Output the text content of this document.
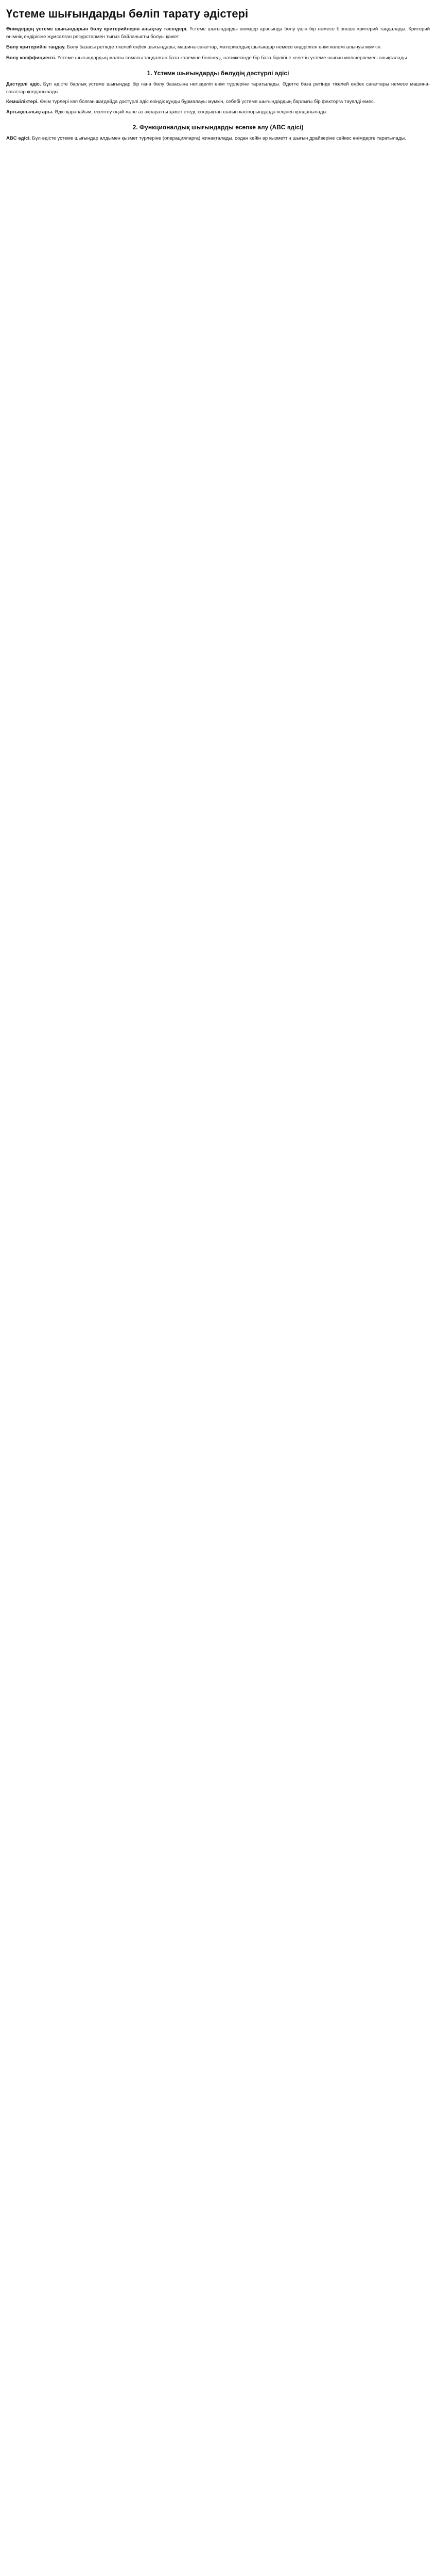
Үстеме шығындарды бөліп тарату әдістері

Өнімдердің үстеме шығындарын бөлу критерийлерін анықтау тәсілдері. Үстеме шығындарды өнімдер арасында бөлу үшін бір немесе бірнеше критерий таңдалады. Критерий өнімнің өндірісіне жұмсалған ресурстармен тығыз байланысты болуы қажет.

Бөлу критерийін таңдау. Бөлу базасы ретінде тікелей еңбек шығындары, машина-сағаттар, материалдық шығындар немесе өндірілген өнім көлемі алынуы мүмкін.

Бөлу коэффициенті. Үстеме шығындардың жалпы сомасы таңдалған база көлеміне бөлінеді, нәтижесінде бір база бірлігіне келетін үстеме шығын мөлшерлемесі анықталады.

1. Үстеме шығындарды бөлудің дәстүрлі әдісі

Дәстүрлі әдіс. Бұл әдісте барлық үстеме шығындар бір ғана бөлу базасына негізделіп өнім түрлеріне таратылады. Әдетте база ретінде тікелей еңбек сағаттары немесе машина-сағаттар қолданылады.

Кемшіліктері. Өнім түрлері көп болған жағдайда дәстүрлі әдіс өзіндік құнды бұрмалауы мүмкін, себебі үстеме шығындардың барлығы бір факторға тәуелді емес.

Артықшылықтары. Әдіс қарапайым, есептеу оңай және аз ақпаратты қажет етеді, сондықтан шағын кәсіпорындарда кеңінен қолданылады.

2. Функционалдық шығындарды есепке алу (ABC әдісі)

ABC әдісі. Бұл әдісте үстеме шығындар алдымен қызмет түрлеріне (операцияларға) жинақталады, содан кейін әр қызметтің шығын драйверіне сәйкес өнімдерге таратылады.
